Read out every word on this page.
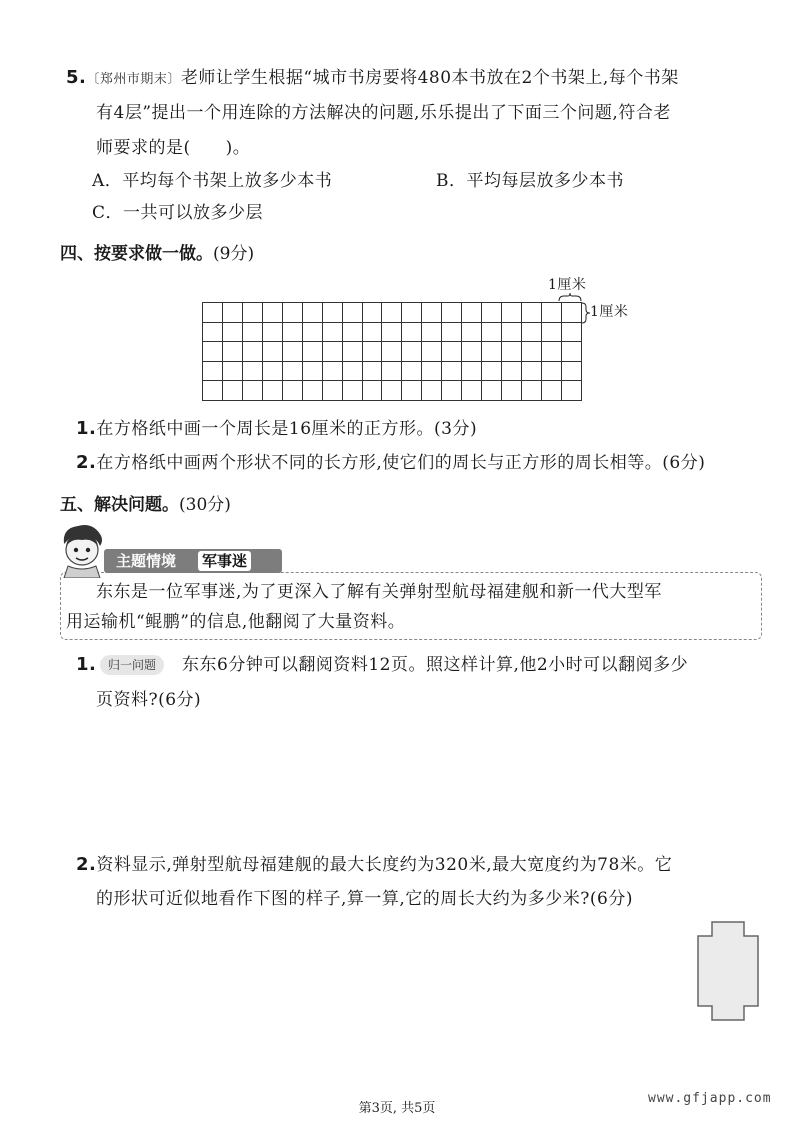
5.〔郑州市期末〕老师让学生根据“城市书房要将480本书放在2个书架上,每个书架
有4层”提出一个用连除的方法解决的问题,乐乐提出了下面三个问题,符合老
师要求的是(　　)。
A．平均每个书架上放多少本书	B．平均每层放多少本书
C．一共可以放多少层
四、按要求做一做。(9分)
1厘米
1厘米

1.在方格纸中画一个周长是16厘米的正方形。(3分)
2.在方格纸中画两个形状不同的长方形,使它们的周长与正方形的周长相等。(6分)
五、解决问题。(30分)
主题情境 军事迷
东东是一位军事迷,为了更深入了解有关弹射型航母福建舰和新一代大型军
用运输机“鲲鹏”的信息,他翻阅了大量资料。
1. 归一问题	东东6分钟可以翻阅资料12页。照这样计算,他2小时可以翻阅多少
页资料?(6分)
2.资料显示,弹射型航母福建舰的最大长度约为320米,最大宽度约为78米。它
的形状可近似地看作下图的样子,算一算,它的周长大约为多少米?(6分)
第3页, 共5页
www.gfjapp.com
